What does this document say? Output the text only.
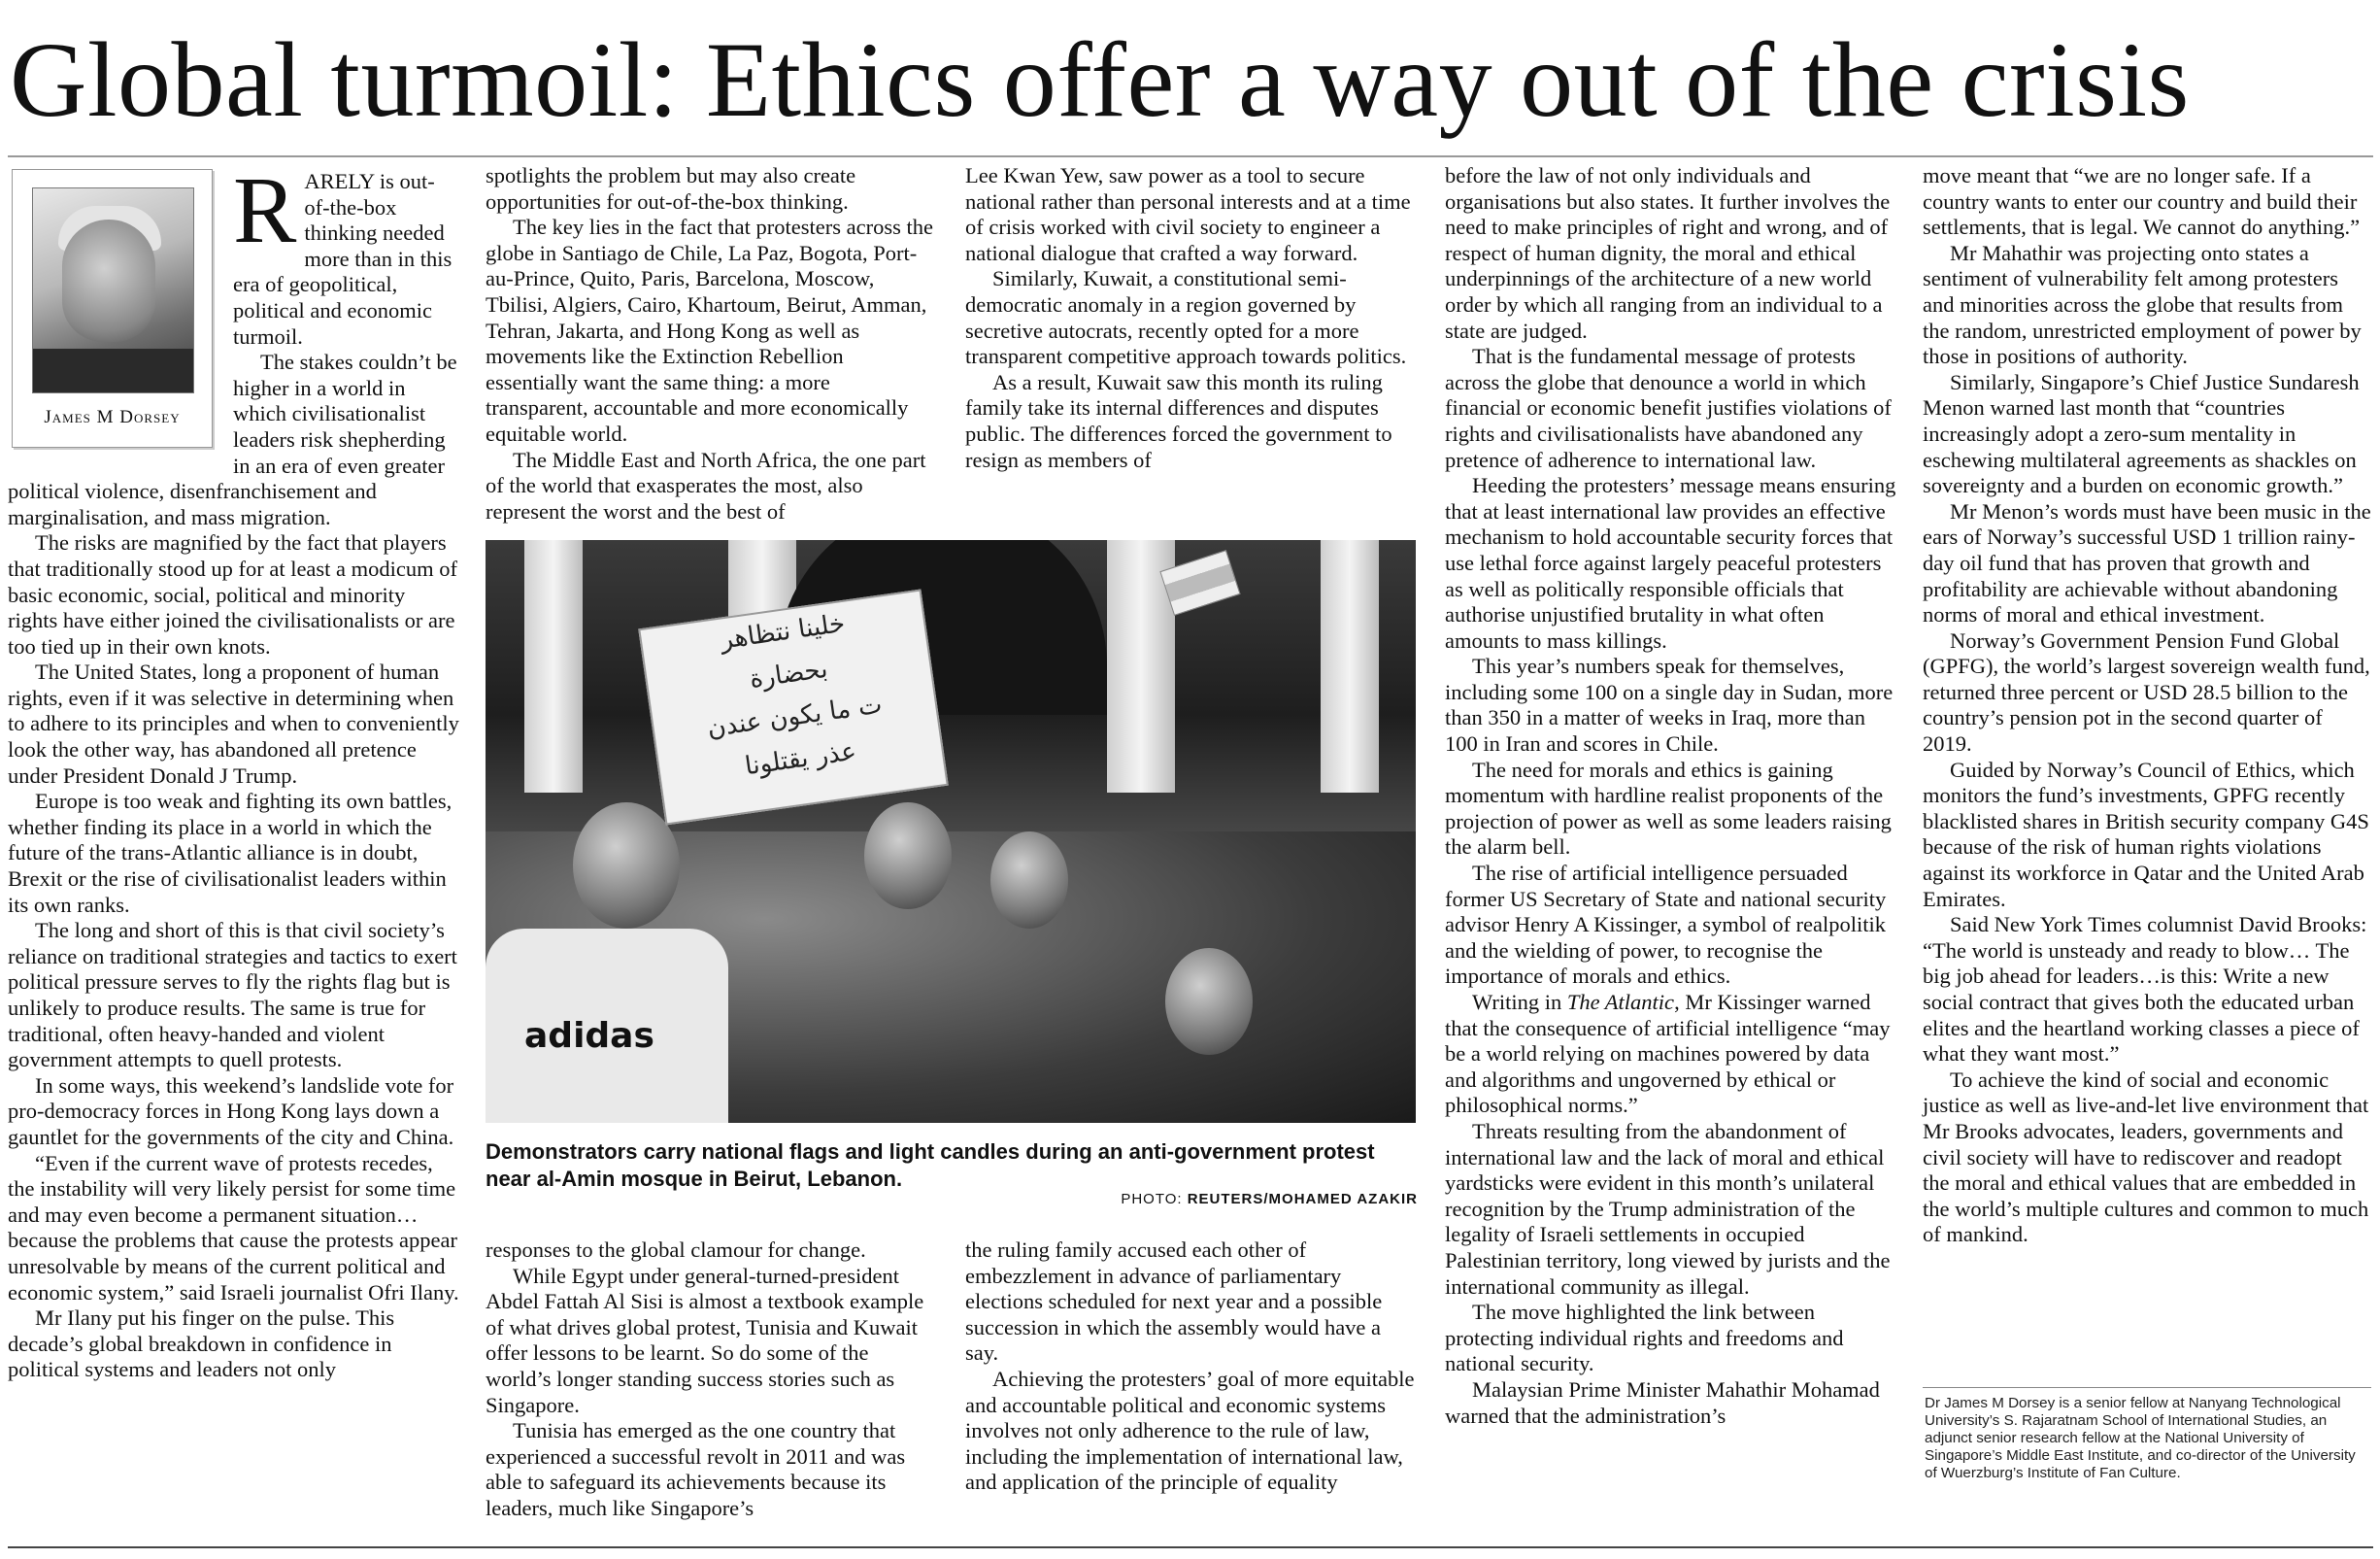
Global turmoil: Ethics offer a way out of the crisis

RARELY is out-of-the-box thinking needed more than in this era of geopolitical, political and economic turmoil.

The stakes couldn’t be higher in a world in which civilisationalist leaders risk shepherding in an era of even greater political violence, disenfranchisement and marginalisation, and mass migration.

The risks are magnified by the fact that players that traditionally stood up for at least a modicum of basic economic, social, political and minority rights have either joined the civilisationalists or are too tied up in their own knots.

The United States, long a proponent of human rights, even if it was selective in determining when to adhere to its principles and when to conveniently look the other way, has abandoned all pretence under President Donald J Trump.

Europe is too weak and fighting its own battles, whether finding its place in a world in which the future of the trans-Atlantic alliance is in doubt, Brexit or the rise of civilisationalist leaders within its own ranks.

The long and short of this is that civil society’s reliance on traditional strategies and tactics to exert political pressure serves to fly the rights flag but is unlikely to produce results. The same is true for traditional, often heavy-handed and violent government attempts to quell protests.

In some ways, this weekend’s landslide vote for pro-democracy forces in Hong Kong lays down a gauntlet for the governments of the city and China.

“Even if the current wave of protests recedes, the instability will very likely persist for some time and may even become a permanent situation… because the problems that cause the protests appear unresolvable by means of the current political and economic system,” said Israeli journalist Ofri Ilany.

Mr Ilany put his finger on the pulse. This decade’s global breakdown in confidence in political systems and leaders not only

James M Dorsey

spotlights the problem but may also create opportunities for out-of-the-box thinking.

The key lies in the fact that protesters across the globe in Santiago de Chile, La Paz, Bogota, Port-au-Prince, Quito, Paris, Barcelona, Moscow, Tbilisi, Algiers, Cairo, Khartoum, Beirut, Amman, Tehran, Jakarta, and Hong Kong as well as movements like the Extinction Rebellion essentially want the same thing: a more transparent, accountable and more economically equitable world.

The Middle East and North Africa, the one part of the world that exasperates the most, also represent the worst and the best of

Lee Kwan Yew, saw power as a tool to secure national rather than personal interests and at a time of crisis worked with civil society to engineer a national dialogue that crafted a way forward.

Similarly, Kuwait, a constitutional semi-democratic anomaly in a region governed by secretive autocrats, recently opted for a more transparent competitive approach towards politics.

As a result, Kuwait saw this month its ruling family take its internal differences and disputes public. The differences forced the government to resign as members of

adidas
خلينا نتظاهر
بحضارة
ت ما يكون عندن
عذر يقتلونا
Demonstrators carry national flags and light candles during an anti-government protest near al-Amin mosque in Beirut, Lebanon.
PHOTO: REUTERS/MOHAMED AZAKIR

responses to the global clamour for change.

While Egypt under general-turned-president Abdel Fattah Al Sisi is almost a textbook example of what drives global protest, Tunisia and Kuwait offer lessons to be learnt. So do some of the world’s longer standing success stories such as Singapore.

Tunisia has emerged as the one country that experienced a successful revolt in 2011 and was able to safeguard its achievements because its leaders, much like Singapore’s

the ruling family accused each other of embezzlement in advance of parliamentary elections scheduled for next year and a possible succession in which the assembly would have a say.

Achieving the protesters’ goal of more equitable and accountable political and economic systems involves not only adherence to the rule of law, including the implementation of international law, and application of the principle of equality

before the law of not only individuals and organisations but also states. It further involves the need to make principles of right and wrong, and of respect of human dignity, the moral and ethical underpinnings of the architecture of a new world order by which all ranging from an individual to a state are judged.

That is the fundamental message of protests across the globe that denounce a world in which financial or economic benefit justifies violations of rights and civilisationalists have abandoned any pretence of adherence to international law.

Heeding the protesters’ message means ensuring that at least international law provides an effective mechanism to hold accountable security forces that use lethal force against largely peaceful protesters as well as politically responsible officials that authorise unjustified brutality in what often amounts to mass killings.

This year’s numbers speak for themselves, including some 100 on a single day in Sudan, more than 350 in a matter of weeks in Iraq, more than 100 in Iran and scores in Chile.

The need for morals and ethics is gaining momentum with hardline realist proponents of the projection of power as well as some leaders raising the alarm bell.

The rise of artificial intelligence persuaded former US Secretary of State and national security advisor Henry A Kissinger, a symbol of realpolitik and the wielding of power, to recognise the importance of morals and ethics.

Writing in The Atlantic, Mr Kissinger warned that the consequence of artificial intelligence “may be a world relying on machines powered by data and algorithms and ungoverned by ethical or philosophical norms.”

Threats resulting from the abandonment of international law and the lack of moral and ethical yardsticks were evident in this month’s unilateral recognition by the Trump administration of the legality of Israeli settlements in occupied Palestinian territory, long viewed by jurists and the international community as illegal.

The move highlighted the link between protecting individual rights and freedoms and national security.

Malaysian Prime Minister Mahathir Mohamad warned that the administration’s

move meant that “we are no longer safe. If a country wants to enter our country and build their settlements, that is legal. We cannot do anything.”

Mr Mahathir was projecting onto states a sentiment of vulnerability felt among protesters and minorities across the globe that results from the random, unrestricted employment of power by those in positions of authority.

Similarly, Singapore’s Chief Justice Sundaresh Menon warned last month that “countries increasingly adopt a zero-sum mentality in eschewing multilateral agreements as shackles on sovereignty and a burden on economic growth.”

Mr Menon’s words must have been music in the ears of Norway’s successful USD 1 trillion rainy-day oil fund that has proven that growth and profitability are achievable without abandoning norms of moral and ethical investment.

Norway’s Government Pension Fund Global (GPFG), the world’s largest sovereign wealth fund, returned three percent or USD 28.5 billion to the country’s pension pot in the second quarter of 2019.

Guided by Norway’s Council of Ethics, which monitors the fund’s investments, GPFG recently blacklisted shares in British security company G4S because of the risk of human rights violations against its workforce in Qatar and the United Arab Emirates.

Said New York Times columnist David Brooks: “The world is unsteady and ready to blow… The big job ahead for leaders…is this: Write a new social contract that gives both the educated urban elites and the heartland working classes a piece of what they want most.”

To achieve the kind of social and economic justice as well as live-and-let live environment that Mr Brooks advocates, leaders, governments and civil society will have to rediscover and readopt the moral and ethical values that are embedded in the world’s multiple cultures and common to much of mankind.

Dr James M Dorsey is a senior fellow at Nanyang Technological University’s S. Rajaratnam School of International Studies, an adjunct senior research fellow at the National University of Singapore’s Middle East Institute, and co-director of the University of Wuerzburg’s Institute of Fan Culture.
